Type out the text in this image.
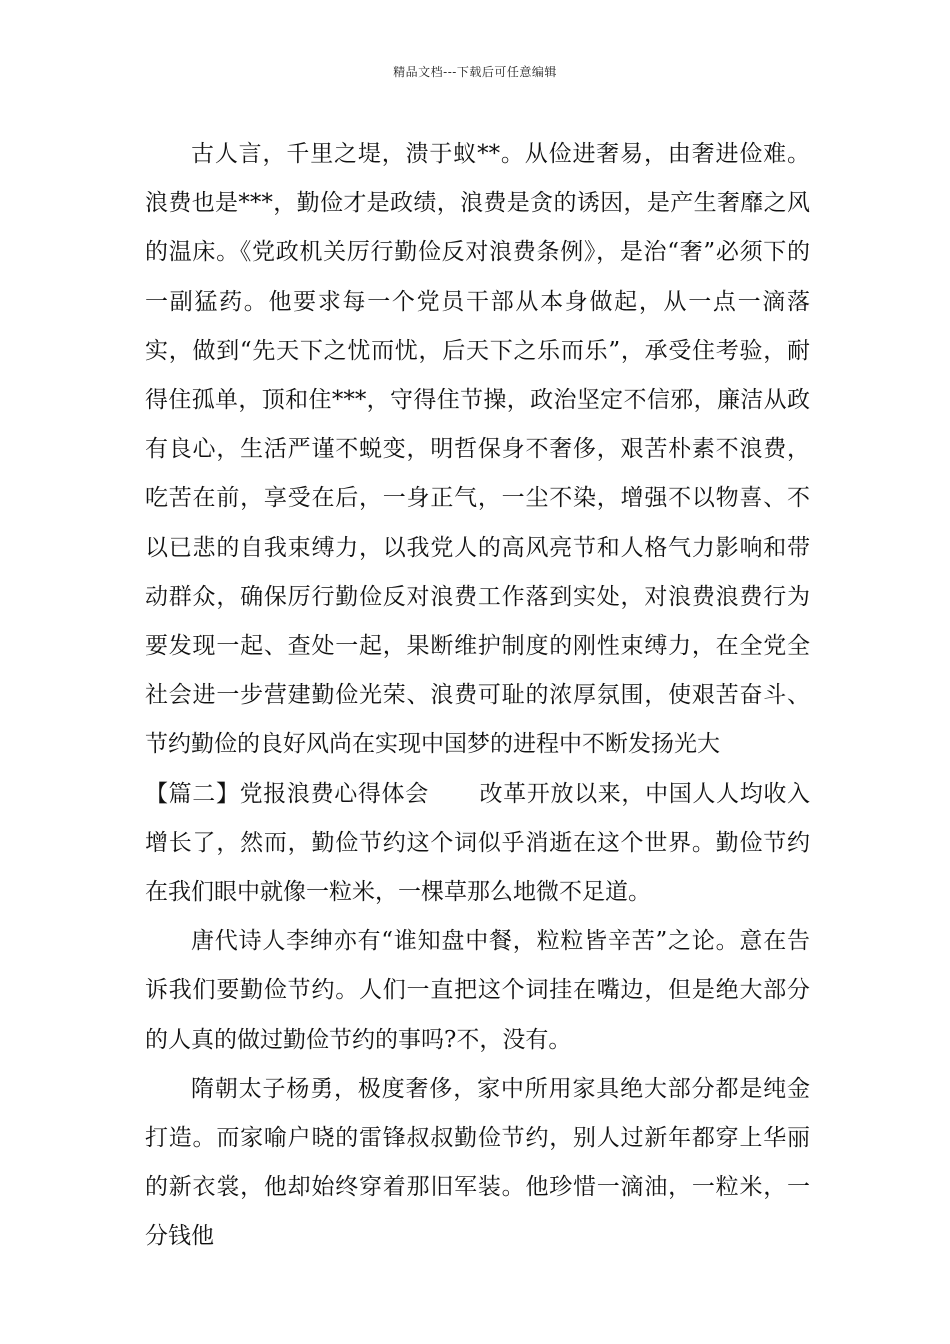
精品文档---下载后可任意编辑

古人言，千里之堤，溃于蚁**。从俭进奢易，由奢进俭难。浪费也是***，勤俭才是政绩，浪费是贪的诱因，是产生奢靡之风的温床。《党政机关厉行勤俭反对浪费条例》，是治“奢”必须下的一副猛药。他要求每一个党员干部从本身做起，从一点一滴落实，做到“先天下之忧而忧，后天下之乐而乐”，承受住考验，耐得住孤单，顶和住***，守得住节操，政治坚定不信邪，廉洁从政有良心，生活严谨不蜕变，明哲保身不奢侈，艰苦朴素不浪费，吃苦在前，享受在后，一身正气，一尘不染，增强不以物喜、不以已悲的自我束缚力，以我党人的高风亮节和人格气力影响和带动群众，确保厉行勤俭反对浪费工作落到实处，对浪费浪费行为要发现一起、查处一起，果断维护制度的刚性束缚力，在全党全社会进一步营建勤俭光荣、浪费可耻的浓厚氛围，使艰苦奋斗、节约勤俭的良好风尚在实现中国梦的进程中不断发扬光大

【篇二】党报浪费心得体会 改革开放以来，中国人人均收入增长了，然而，勤俭节约这个词似乎消逝在这个世界。勤俭节约在我们眼中就像一粒米，一棵草那么地微不足道。

唐代诗人李绅亦有“谁知盘中餐，粒粒皆辛苦”之论。意在告诉我们要勤俭节约。人们一直把这个词挂在嘴边，但是绝大部分的人真的做过勤俭节约的事吗?不，没有。

隋朝太子杨勇，极度奢侈，家中所用家具绝大部分都是纯金打造。而家喻户晓的雷锋叔叔勤俭节约，别人过新年都穿上华丽的新衣裳，他却始终穿着那旧军装。他珍惜一滴油，一粒米，一分钱他
